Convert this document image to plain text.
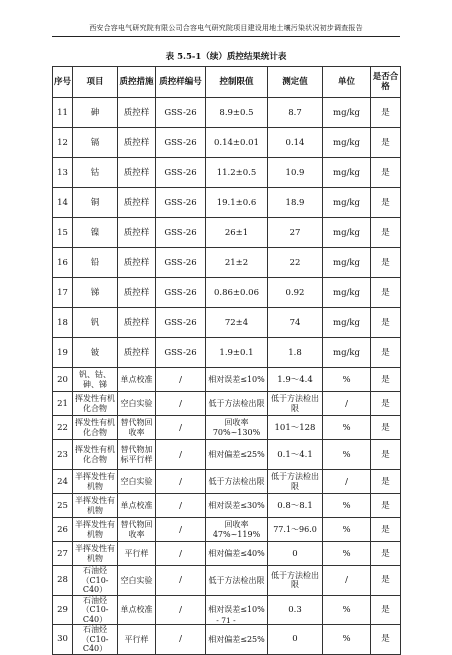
西安合容电气研究院有限公司合容电气研究院项目建设用地土壤污染状况初步调查报告
表 5.5-1（续）质控结果统计表
序号	项目	质控措施	质控样编号	控制限值	测定值	单位	是否合格
11	砷	质控样	GSS-26	8.9±0.5	8.7	mg/kg	是
12	镉	质控样	GSS-26	0.14±0.01	0.14	mg/kg	是
13	钴	质控样	GSS-26	11.2±0.5	10.9	mg/kg	是
14	铜	质控样	GSS-26	19.1±0.6	18.9	mg/kg	是
15	镍	质控样	GSS-26	26±1	27	mg/kg	是
16	铅	质控样	GSS-26	21±2	22	mg/kg	是
17	锑	质控样	GSS-26	0.86±0.06	0.92	mg/kg	是
18	钒	质控样	GSS-26	72±4	74	mg/kg	是
19	铍	质控样	GSS-26	1.9±0.1	1.8	mg/kg	是
20	钒、钴、砷、锑	单点校准	/	相对误差≤10%	1.9～4.4	%	是
21	挥发性有机化合物	空白实验	/	低于方法检出限	低于方法检出限	/	是
22	挥发性有机化合物	替代物回收率	/	回收率70%~130%	101～128	%	是
23	挥发性有机化合物	替代物加标平行样	/	相对偏差≤25%	0.1～4.1	%	是
24	半挥发性有机物	空白实验	/	低于方法检出限	低于方法检出限	/	是
25	半挥发性有机物	单点校准	/	相对误差≤30%	0.8～8.1	%	是
26	半挥发性有机物	替代物回收率	/	回收率47%~119%	77.1～96.0	%	是
27	半挥发性有机物	平行样	/	相对偏差≤40%	0	%	是
28	石油烃（C10-C40）	空白实验	/	低于方法检出限	低于方法检出限	/	是
29	石油烃（C10-C40）	单点校准	/	相对误差≤10%	0.3	%	是
30	石油烃（C10-C40）	平行样	/	相对偏差≤25%	0	%	是
- 71 -
